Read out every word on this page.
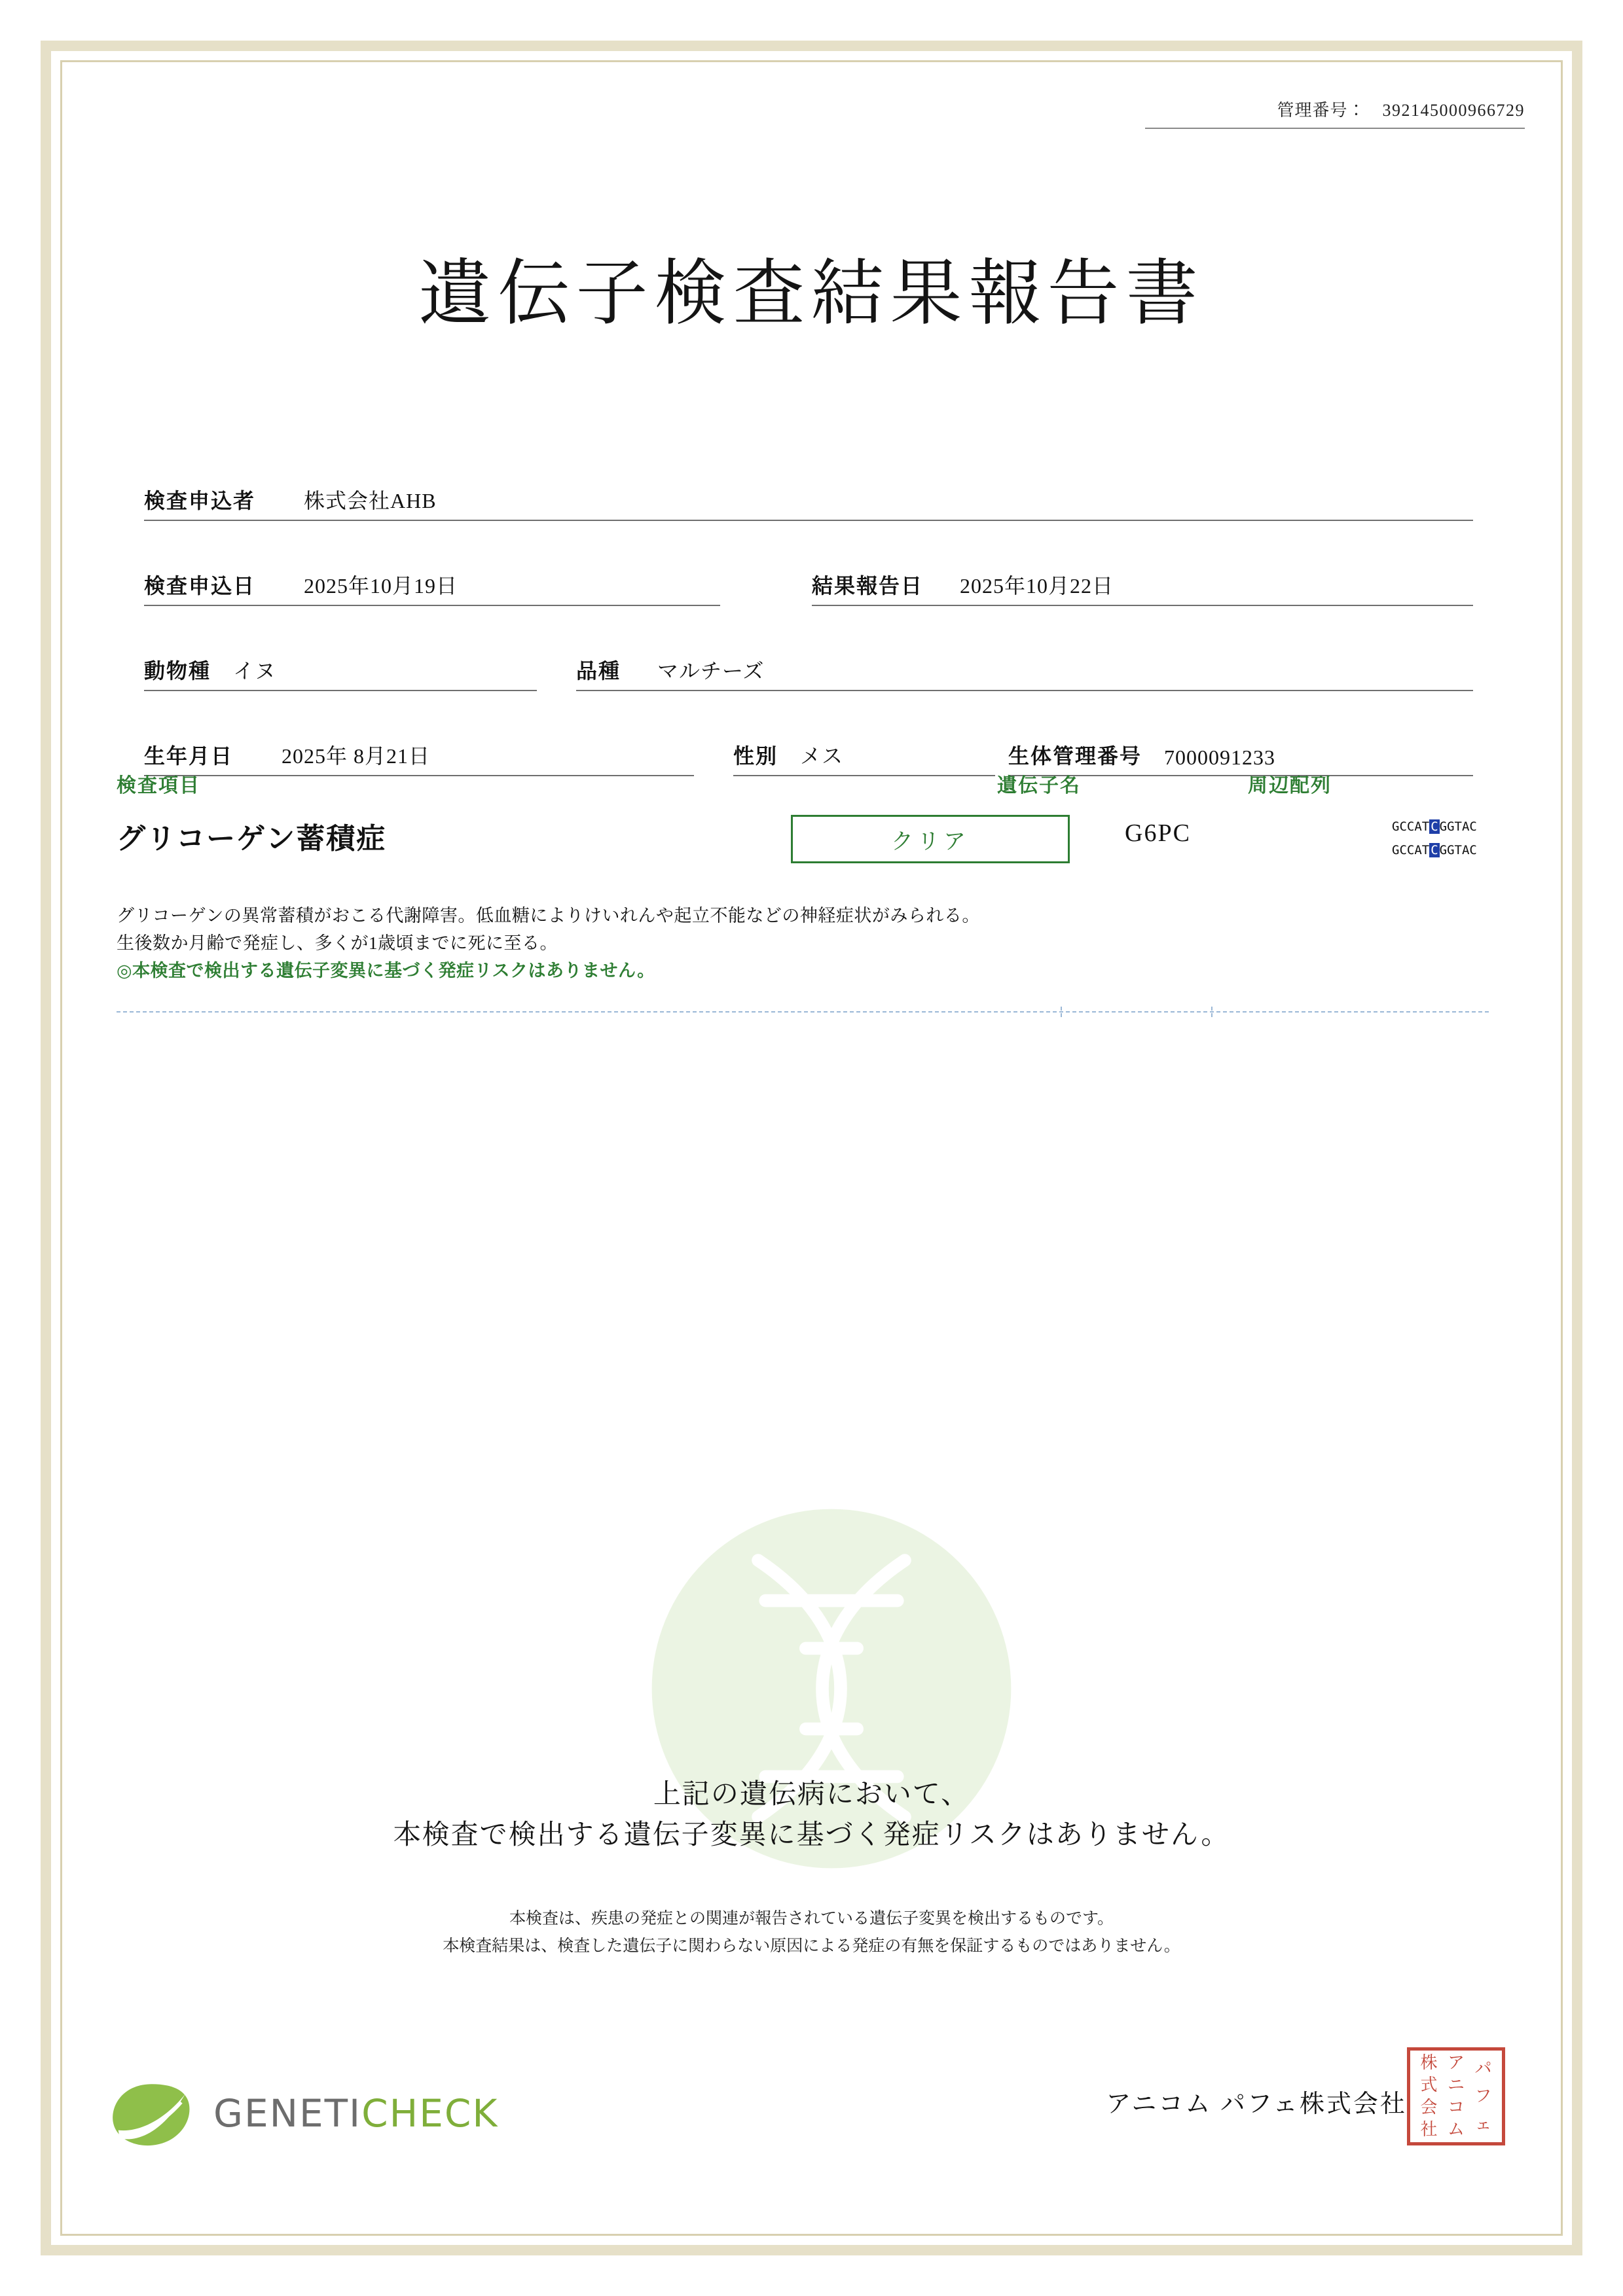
管理番号： 392145000966729
遺伝子検査結果報告書
検査申込者 株式会社AHB
検査申込日 2025年10月19日	結果報告日 2025年10月22日
動物種 イヌ	品種 マルチーズ
生年月日 2025年 8月21日	性別 メス	生体管理番号 7000091233
検査項目	遺伝子名	周辺配列
グリコーゲン蓄積症	クリア	G6PC	GCCAT C GGTAC
GCCAT C GGTAC
グリコーゲンの異常蓄積がおこる代謝障害。低血糖によりけいれんや起立不能などの神経症状がみられる。
生後数か月齢で発症し、多くが1歳頃までに死に至る。
◎本検査で検出する遺伝子変異に基づく発症リスクはありません。
上記の遺伝病において、
本検査で検出する遺伝子変異に基づく発症リスクはありません。
本検査は、疾患の発症との関連が報告されている遺伝子変異を検出するものです。
本検査結果は、検査した遺伝子に関わらない原因による発症の有無を保証するものではありません。
GENETICHECK	アニコム パフェ株式会社
パ
フ
ェ
ア
ニ
コ
ム
株
式
会
社
